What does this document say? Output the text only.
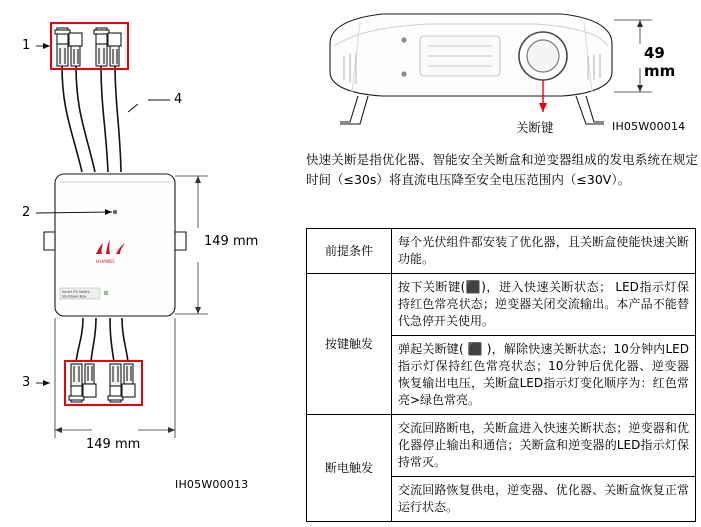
HUAWEI
Smart PV Safety
Shutdown Box
1
2
3
4
149 mm
149 mm
IH05W00013
49 mm
关断键	IH05W00014
快速关断是指优化器、智能安全关断盒和逆变器组成的发电系统在规定时间（≤30s）将直流电压降至安全电压范围内（≤30V）。
前提条件	每个光伏组件都安装了优化器，且关断盒使能快速关断功能。
按键触发	按下关断键(⬛)，进入快速关断状态； LED指示灯保持红色常亮状态；逆变器关闭交流输出。本产品不能替代急停开关使用。
	弹起关断键( ⬛ )，解除快速关断状态；10分钟内LED指示灯保持红色常亮状态；10分钟后优化器、逆变器恢复输出电压，关断盒LED指示灯变化顺序为：红色常亮>绿色常亮。
断电触发	交流回路断电，关断盒进入快速关断状态；逆变器和优化器停止输出和通信；关断盒和逆变器的LED指示灯保持常灭。
	交流回路恢复供电，逆变器、优化器、关断盒恢复正常运行状态。
